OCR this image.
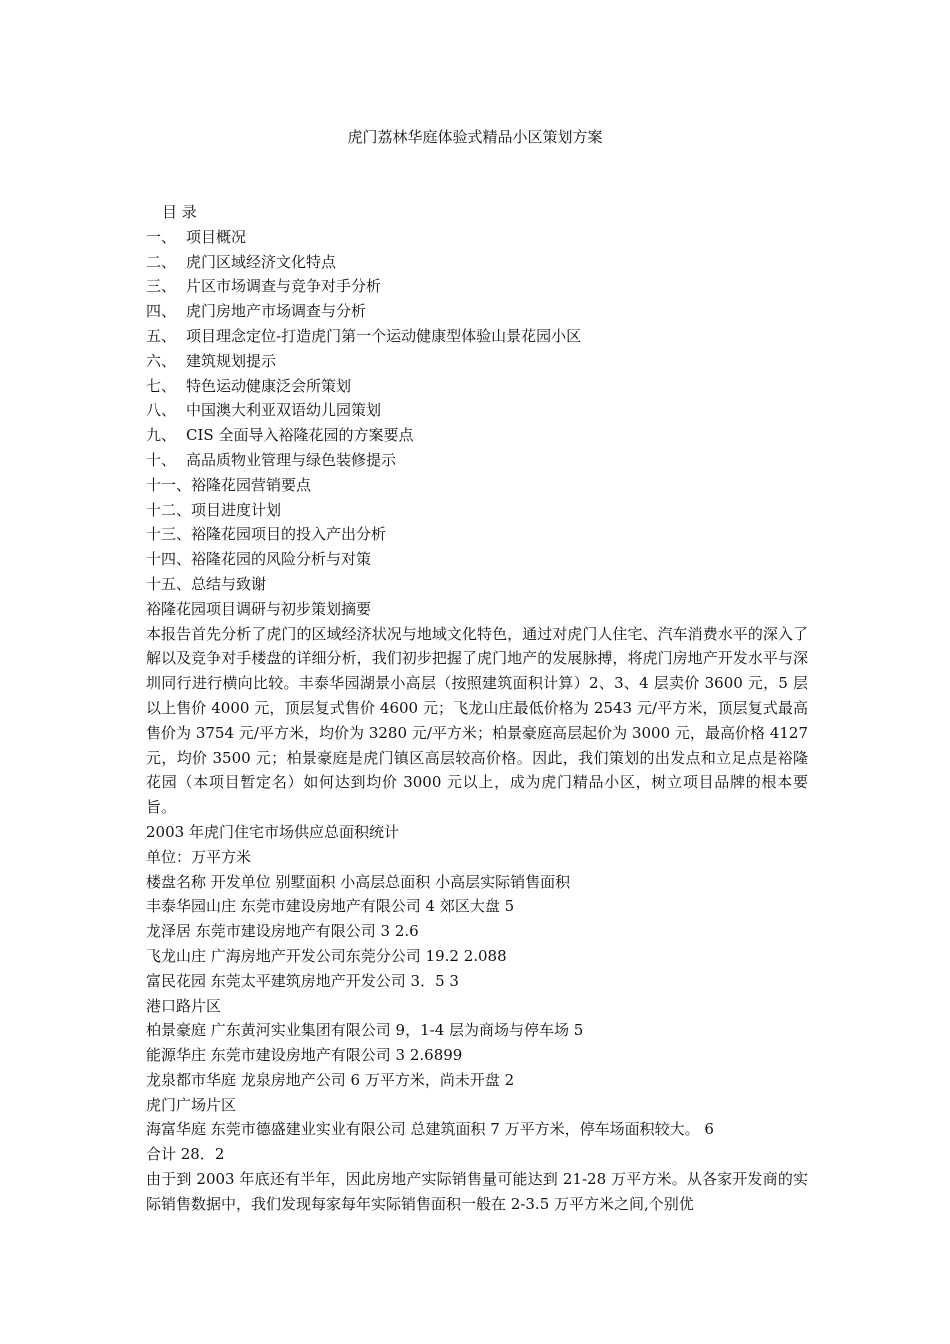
虎门荔林华庭体验式精品小区策划方案
目 录
一、 项目概况
二、 虎门区域经济文化特点
三、 片区市场调查与竞争对手分析
四、 虎门房地产市场调查与分析
五、 项目理念定位-打造虎门第一个运动健康型体验山景花园小区
六、 建筑规划提示
七、 特色运动健康泛会所策划
八、 中国澳大利亚双语幼儿园策划
九、 CIS 全面导入裕隆花园的方案要点
十、 高品质物业管理与绿色装修提示
十一、裕隆花园营销要点
十二、项目进度计划
十三、裕隆花园项目的投入产出分析
十四、裕隆花园的风险分析与对策
十五、总结与致谢
裕隆花园项目调研与初步策划摘要
本报告首先分析了虎门的区域经济状况与地域文化特色，通过对虎门人住宅、汽车消费水平的深入了解以及竞争对手楼盘的详细分析，我们初步把握了虎门地产的发展脉搏，将虎门房地产开发水平与深圳同行进行横向比较。丰泰华园湖景小高层（按照建筑面积计算）2、3、4 层卖价 3600 元，5 层以上售价 4000 元，顶层复式售价 4600 元；飞龙山庄最低价格为 2543 元/平方米，顶层复式最高售价为 3754 元/平方米，均价为 3280 元/平方米；柏景豪庭高层起价为 3000 元，最高价格 4127 元，均价 3500 元；柏景豪庭是虎门镇区高层较高价格。因此，我们策划的出发点和立足点是裕隆花园（本项目暂定名）如何达到均价 3000 元以上，成为虎门精品小区，树立项目品牌的根本要旨。
2003 年虎门住宅市场供应总面积统计
单位：万平方米
楼盘名称 开发单位 别墅面积 小高层总面积 小高层实际销售面积
丰泰华园山庄 东莞市建设房地产有限公司 4 郊区大盘 5
龙泽居 东莞市建设房地产有限公司 3 2.6
飞龙山庄 广海房地产开发公司东莞分公司 19.2 2.088
富民花园 东莞太平建筑房地产开发公司 3．5 3
港口路片区
柏景豪庭 广东黄河实业集团有限公司 9，1-4 层为商场与停车场 5
能源华庄 东莞市建设房地产有限公司 3 2.6899
龙泉都市华庭 龙泉房地产公司 6 万平方米，尚未开盘 2
虎门广场片区
海富华庭 东莞市德盛建业实业有限公司 总建筑面积 7 万平方米，停车场面积较大。 6
合计 28．2
由于到 2003 年底还有半年，因此房地产实际销售量可能达到 21-28 万平方米。从各家开发商的实际销售数据中，我们发现每家每年实际销售面积一般在 2-3.5 万平方米之间,个别优
